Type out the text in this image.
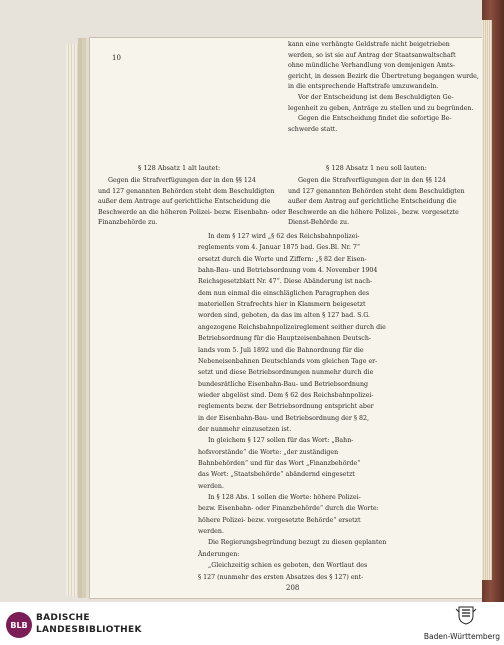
10
kann eine verhängte Geldstrafe nicht beigetrieben
werden, so ist sie auf Antrag der Staatsanwaltschaft
ohne mündliche Verhandlung von demjenigen Amts-
gericht, in dessen Bezirk die Übertretung begangen wurde,
in die entsprechende Haftstrafe umzuwandeln.
Vor der Entscheidung ist dem Beschuldigten Ge-
legenheit zu geben, Anträge zu stellen und zu begründen.
Gegen die Entscheidung findet die sofortige Be-
schwerde statt.
§ 128 Absatz 1 alt lautet:
Gegen die Strafverfügungen der in den §§ 124
und 127 genannten Behörden steht dem Beschuldigten
außer dem Antrage auf gerichtliche Entscheidung die
Beschwerde an die höheren Polizei- bezw. Eisenbahn- oder
Finanzbehörde zu.
§ 128 Absatz 1 neu soll lauten:
Gegen die Strafverfügungen der in den §§ 124
und 127 genannten Behörden steht dem Beschuldigten
außer dem Antrag auf gerichtliche Entscheidung die
Beschwerde an die höhere Polizei-, bezw. vorgesetzte
Dienst-Behörde zu.
In dem § 127 wird „§ 62 des Reichsbahnpolizei-
reglements vom 4. Januar 1875 bad. Ges.Bl. Nr. 7“
ersetzt durch die Worte und Ziffern: „§ 82 der Eisen-
bahn-Bau- und Betriebsordnung vom 4. November 1904
Reichsgesetzblatt Nr. 47“. Diese Abänderung ist nach-
dem nun einmal die einschläglichen Paragraphen des
materiellen Strafrechts hier in Klammern beigesetzt
worden sind, geboten, da das im alten § 127 bad. S.G.
angezogene Reichsbahnpolizeireglement seither durch die
Betriebsordnung für die Hauptzeisenbahnen Deutsch-
lands vom 5. Juli 1892 und die Bahnordnung für die
Nebeneisenbahnen Deutschlands vom gleichen Tage er-
setzt und diese Betriebsordnungen nunmehr durch die
bundesrätliche Eisenbahn-Bau- und Betriebsordnung
wieder abgelöst sind. Dem § 62 des Reichsbahnpolizei-
reglements bezw. der Betriebsordnung entspricht aber
in der Eisenbahn-Bau- und Betriebsordnung der § 82,
der nunmehr einzusetzen ist.
In gleichem § 127 sollen für das Wort: „Bahn-
hofsvorstände“ die Worte: „der zuständigen
Bahnbehörden“ und für das Wort „Finanzbehörde“
das Wort: „Staatsbehörde“ abändernd eingesetzt
werden.
In § 128 Abs. 1 sollen die Worte: höhere Polizei-
bezw. Eisenbahn- oder Finanzbehörde“ durch die Worte:
höhere Polizei- bezw. vorgesetzte Behörde“ ersetzt
werden.
Die Regierungsbegründung bezugt zu diesen geplanten
Änderungen:
„Gleichzeitig schien es geboten, den Wortlaut des
§ 127 (nunmehr des ersten Absatzes des § 127) ent-
208
BLB
BADISCHE
LANDESBIBLIOTHEK
Baden-Württemberg
